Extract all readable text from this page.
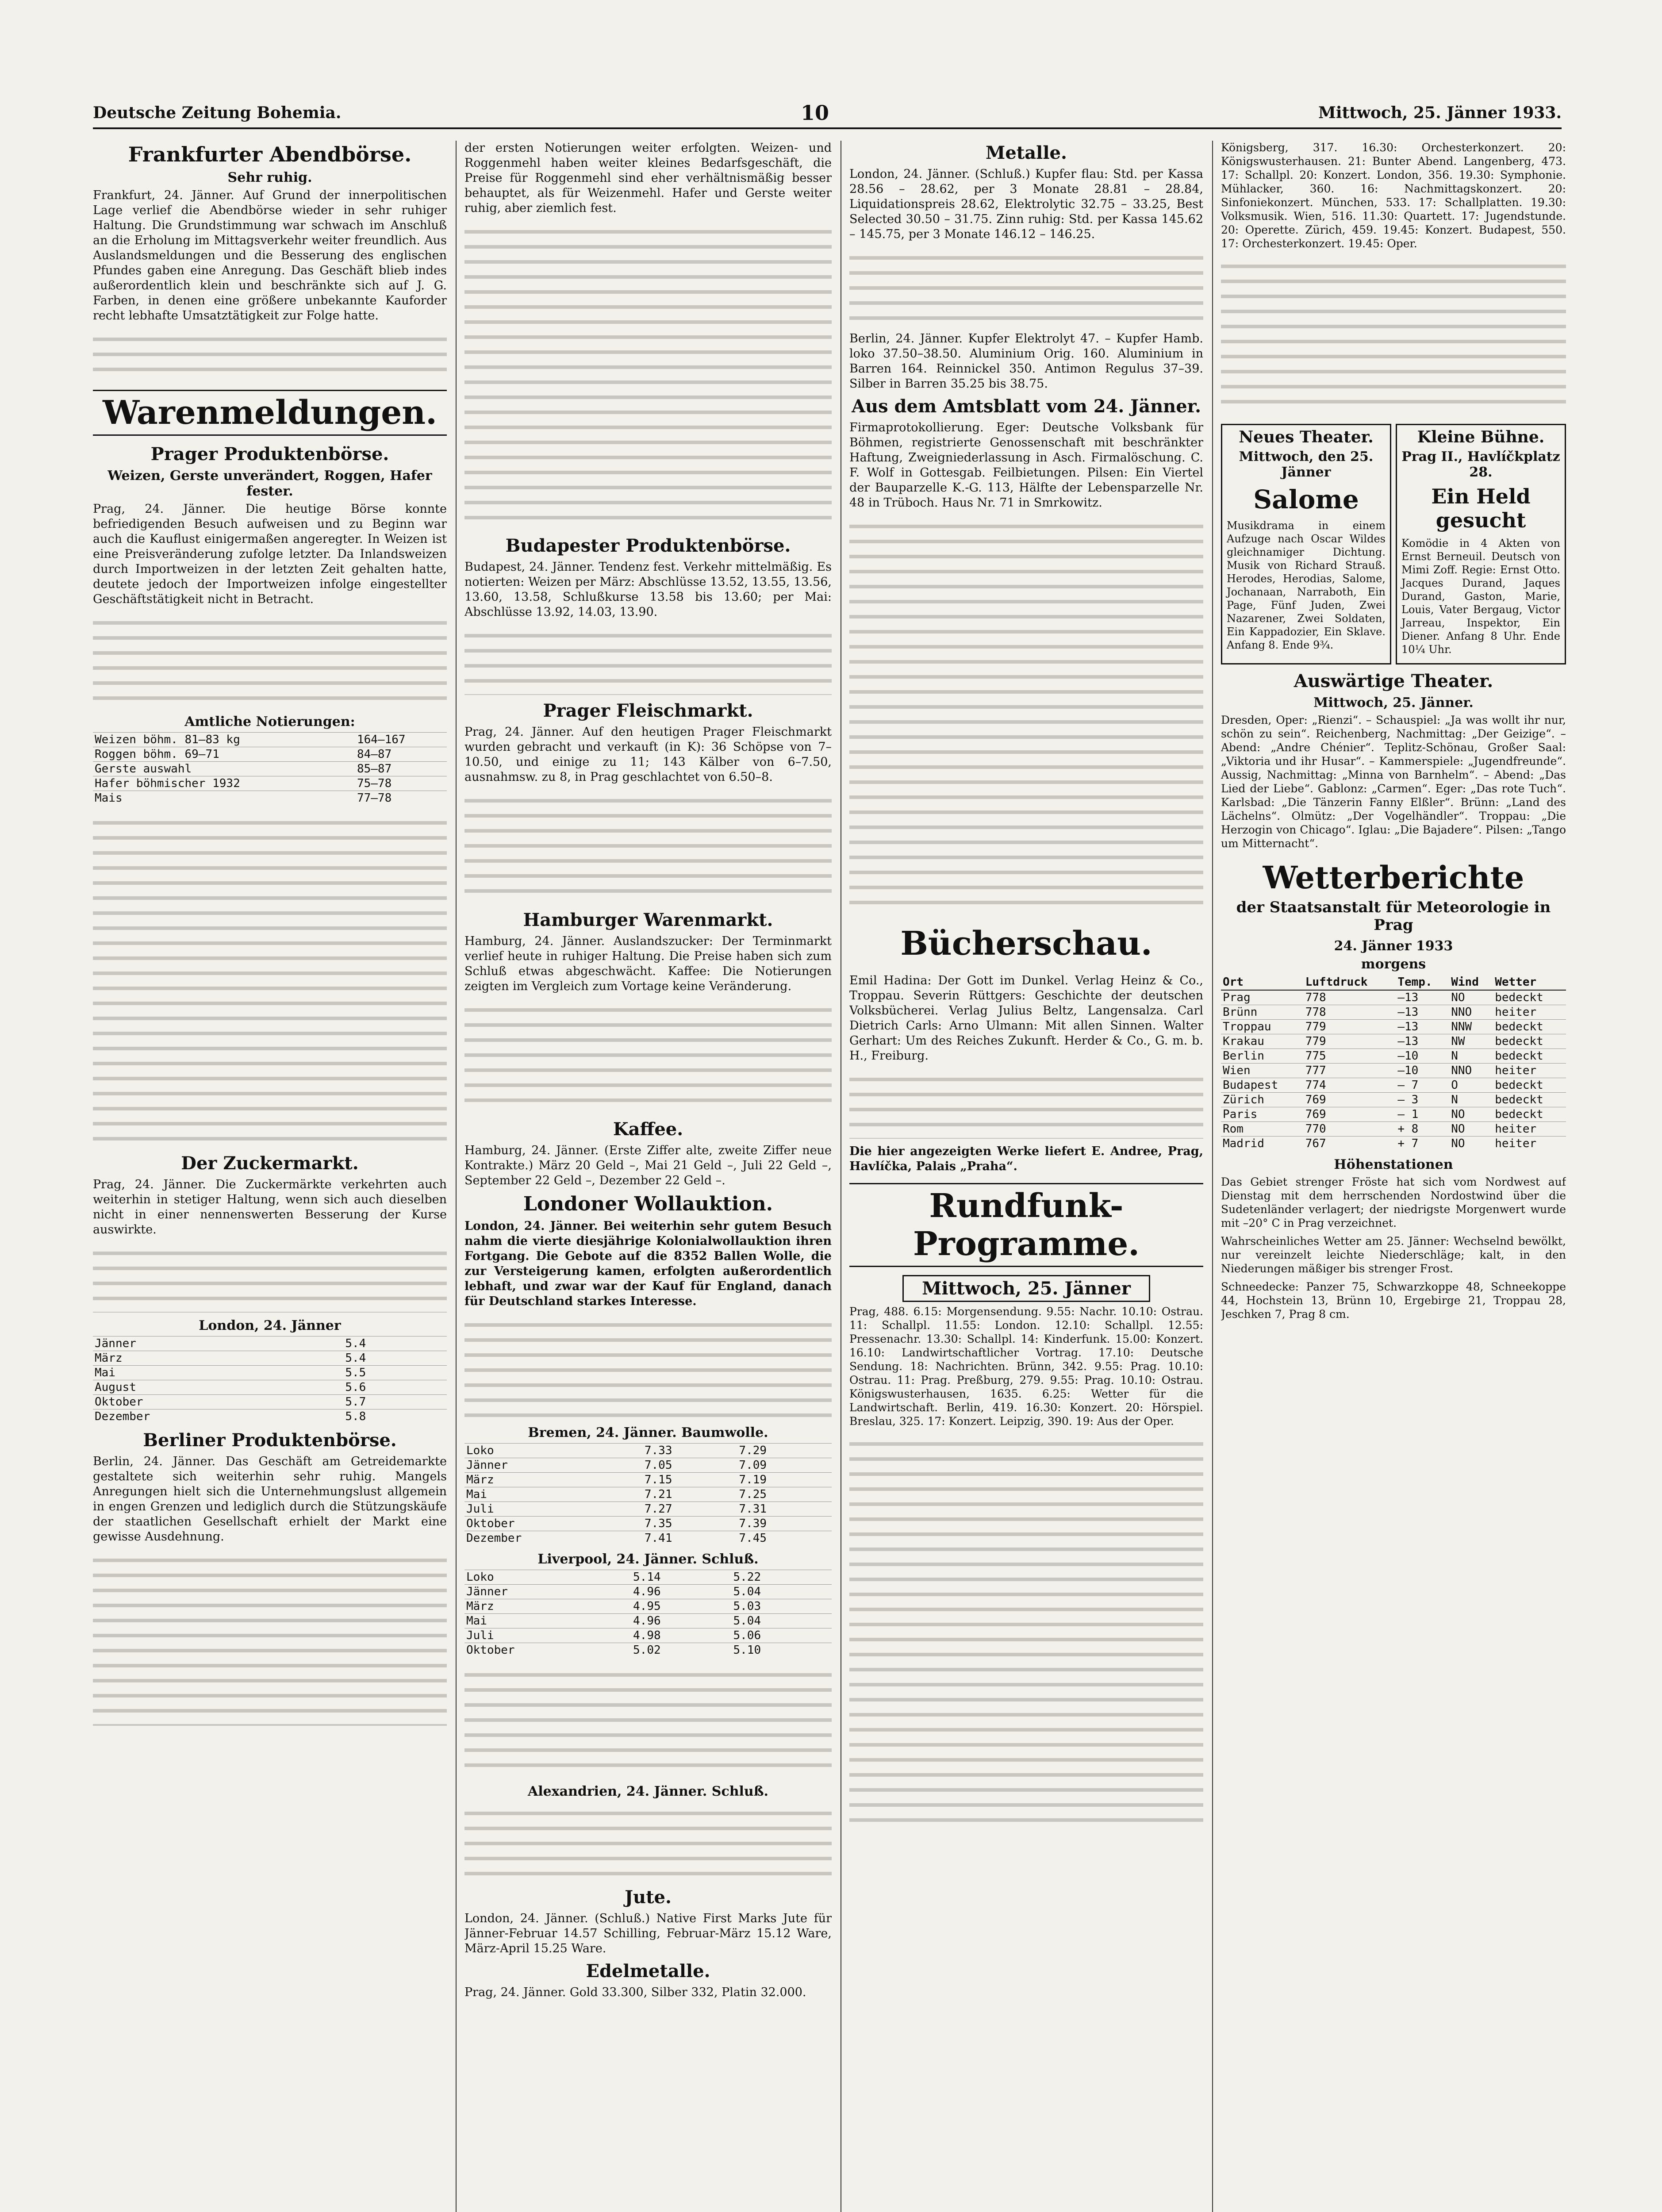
Deutsche Zeitung Bohemia.	10	Mittwoch, 25. Jänner 1933.
Frankfurter Abendbörse.
Sehr ruhig.

Frankfurt, 24. Jänner. Auf Grund der innerpolitischen Lage verlief die Abendbörse wieder in sehr ruhiger Haltung. Die Grundstimmung war schwach im Anschluß an die Erholung im Mittagsverkehr weiter freundlich. Aus Auslandsmeldungen und die Besserung des englischen Pfundes gaben eine Anregung. Das Geschäft blieb indes außerordentlich klein und beschränkte sich auf J. G. Farben, in denen eine größere unbekannte Kauforder recht lebhafte Umsatztätigkeit zur Folge hatte.

Warenmeldungen.
Prager Produktenbörse.
Weizen, Gerste unverändert, Roggen, Hafer fester.

Prag, 24. Jänner. Die heutige Börse konnte befriedigenden Besuch aufweisen und zu Beginn war auch die Kauflust einigermaßen angeregter. In Weizen ist eine Preisveränderung zufolge letzter. Da Inlandsweizen durch Importweizen in der letzten Zeit gehalten hatte, deutete jedoch der Importweizen infolge eingestellter Geschäftstätigkeit nicht in Betracht.

Amtliche Notierungen:
Weizen böhm. 81–83 kg	164–167
Roggen böhm. 69–71	84–87
Gerste auswahl	85–87
Hafer böhmischer 1932	75–78
Mais	77–78
Der Zuckermarkt.

Prag, 24. Jänner. Die Zuckermärkte verkehrten auch weiterhin in stetiger Haltung, wenn sich auch dieselben nicht in einer nennenswerten Besserung der Kurse auswirkte.

London, 24. Jänner
Jänner	5.4
März	5.4
Mai	5.5
August	5.6
Oktober	5.7
Dezember	5.8
Berliner Produktenbörse.

Berlin, 24. Jänner. Das Geschäft am Getreidemarkte gestaltete sich weiterhin sehr ruhig. Mangels Anregungen hielt sich die Unternehmungslust allgemein in engen Grenzen und lediglich durch die Stützungskäufe der staatlichen Gesellschaft erhielt der Markt eine gewisse Ausdehnung.

der ersten Notierungen weiter erfolgten. Weizen- und Roggenmehl haben weiter kleines Bedarfsgeschäft, die Preise für Roggenmehl sind eher verhältnismäßig besser behauptet, als für Weizenmehl. Hafer und Gerste weiter ruhig, aber ziemlich fest.

Budapester Produktenbörse.

Budapest, 24. Jänner. Tendenz fest. Verkehr mittelmäßig. Es notierten: Weizen per März: Abschlüsse 13.52, 13.55, 13.56, 13.60, 13.58, Schlußkurse 13.58 bis 13.60; per Mai: Abschlüsse 13.92, 14.03, 13.90.

Prager Fleischmarkt.

Prag, 24. Jänner. Auf den heutigen Prager Fleischmarkt wurden gebracht und verkauft (in K): 36 Schöpse von 7–10.50, und einige zu 11; 143 Kälber von 6–7.50, ausnahmsw. zu 8, in Prag geschlachtet von 6.50–8.

Hamburger Warenmarkt.

Hamburg, 24. Jänner. Auslandszucker: Der Terminmarkt verlief heute in ruhiger Haltung. Die Preise haben sich zum Schluß etwas abgeschwächt. Kaffee: Die Notierungen zeigten im Vergleich zum Vortage keine Veränderung.

Kaffee.

Hamburg, 24. Jänner. (Erste Ziffer alte, zweite Ziffer neue Kontrakte.) März 20 Geld –, Mai 21 Geld –, Juli 22 Geld –, September 22 Geld –, Dezember 22 Geld –.

Londoner Wollauktion.

London, 24. Jänner. Bei weiterhin sehr gutem Besuch nahm die vierte diesjährige Kolonialwollauktion ihren Fortgang. Die Gebote auf die 8352 Ballen Wolle, die zur Versteigerung kamen, erfolgten außerordentlich lebhaft, und zwar war der Kauf für England, danach für Deutschland starkes Interesse.

Bremen, 24. Jänner. Baumwolle.
Loko	7.33	7.29
Jänner	7.05	7.09
März	7.15	7.19
Mai	7.21	7.25
Juli	7.27	7.31
Oktober	7.35	7.39
Dezember	7.41	7.45
Liverpool, 24. Jänner. Schluß.
Loko	5.14	5.22
Jänner	4.96	5.04
März	4.95	5.03
Mai	4.96	5.04
Juli	4.98	5.06
Oktober	5.02	5.10
Alexandrien, 24. Jänner. Schluß.
Jute.

London, 24. Jänner. (Schluß.) Native First Marks Jute für Jänner-Februar 14.57 Schilling, Februar-März 15.12 Ware, März-April 15.25 Ware.

Edelmetalle.

Prag, 24. Jänner. Gold 33.300, Silber 332, Platin 32.000.

Metalle.

London, 24. Jänner. (Schluß.) Kupfer flau: Std. per Kassa 28.56 – 28.62, per 3 Monate 28.81 – 28.84, Liquidationspreis 28.62, Elektrolytic 32.75 – 33.25, Best Selected 30.50 – 31.75. Zinn ruhig: Std. per Kassa 145.62 – 145.75, per 3 Monate 146.12 – 146.25.

Berlin, 24. Jänner. Kupfer Elektrolyt 47. – Kupfer Hamb. loko 37.50–38.50. Aluminium Orig. 160. Aluminium in Barren 164. Reinnickel 350. Antimon Regulus 37–39. Silber in Barren 35.25 bis 38.75.

Aus dem Amtsblatt vom 24. Jänner.

Firmaprotokollierung. Eger: Deutsche Volksbank für Böhmen, registrierte Genossenschaft mit beschränkter Haftung, Zweigniederlassung in Asch. Firmalöschung. C. F. Wolf in Gottesgab. Feilbietungen. Pilsen: Ein Viertel der Bauparzelle K.-G. 113, Hälfte der Lebensparzelle Nr. 48 in Trüboch. Haus Nr. 71 in Smrkowitz.

Bücherschau.

Emil Hadina: Der Gott im Dunkel. Verlag Heinz & Co., Troppau. Severin Rüttgers: Geschichte der deutschen Volksbücherei. Verlag Julius Beltz, Langensalza. Carl Dietrich Carls: Arno Ulmann: Mit allen Sinnen. Walter Gerhart: Um des Reiches Zukunft. Herder & Co., G. m. b. H., Freiburg.

Die hier angezeigten Werke liefert E. Andree, Prag, Havlíčka, Palais „Praha“.

Rundfunk-Programme.
Mittwoch, 25. Jänner

Prag, 488. 6.15: Morgensendung. 9.55: Nachr. 10.10: Ostrau. 11: Schallpl. 11.55: London. 12.10: Schallpl. 12.55: Pressenachr. 13.30: Schallpl. 14: Kinderfunk. 15.00: Konzert. 16.10: Landwirtschaftlicher Vortrag. 17.10: Deutsche Sendung. 18: Nachrichten. Brünn, 342. 9.55: Prag. 10.10: Ostrau. 11: Prag. Preßburg, 279. 9.55: Prag. 10.10: Ostrau. Königswusterhausen, 1635. 6.25: Wetter für die Landwirtschaft. Berlin, 419. 16.30: Konzert. 20: Hörspiel. Breslau, 325. 17: Konzert. Leipzig, 390. 19: Aus der Oper.

Königsberg, 317. 16.30: Orchesterkonzert. 20: Königswusterhausen. 21: Bunter Abend. Langenberg, 473. 17: Schallpl. 20: Konzert. London, 356. 19.30: Symphonie. Mühlacker, 360. 16: Nachmittagskonzert. 20: Sinfoniekonzert. München, 533. 17: Schallplatten. 19.30: Volksmusik. Wien, 516. 11.30: Quartett. 17: Jugendstunde. 20: Operette. Zürich, 459. 19.45: Konzert. Budapest, 550. 17: Orchesterkonzert. 19.45: Oper.

Neues Theater.
Mittwoch, den 25. Jänner
Salome

Musikdrama in einem Aufzuge nach Oscar Wildes gleichnamiger Dichtung. Musik von Richard Strauß. Herodes, Herodias, Salome, Jochanaan, Narraboth, Ein Page, Fünf Juden, Zwei Nazarener, Zwei Soldaten, Ein Kappadozier, Ein Sklave. Anfang 8. Ende 9¾.

Kleine Bühne.
Prag II., Havlíčkplatz 28.
Ein Held gesucht

Komödie in 4 Akten von Ernst Berneuil. Deutsch von Mimi Zoff. Regie: Ernst Otto. Jacques Durand, Jaques Durand, Gaston, Marie, Louis, Vater Bergaug, Victor Jarreau, Inspektor, Ein Diener. Anfang 8 Uhr. Ende 10¼ Uhr.

Auswärtige Theater.
Mittwoch, 25. Jänner.

Dresden, Oper: „Rienzi“. – Schauspiel: „Ja was wollt ihr nur, schön zu sein“. Reichenberg, Nachmittag: „Der Geizige“. – Abend: „Andre Chénier“. Teplitz-Schönau, Großer Saal: „Viktoria und ihr Husar“. – Kammerspiele: „Jugendfreunde“. Aussig, Nachmittag: „Minna von Barnhelm“. – Abend: „Das Lied der Liebe“. Gablonz: „Carmen“. Eger: „Das rote Tuch“. Karlsbad: „Die Tänzerin Fanny Elßler“. Brünn: „Land des Lächelns“. Olmütz: „Der Vogelhändler“. Troppau: „Die Herzogin von Chicago“. Iglau: „Die Bajadere“. Pilsen: „Tango um Mitternacht“.

Wetterberichte
der Staatsanstalt für Meteorologie in Prag
24. Jänner 1933
morgens
Ort	Luftdruck	Temp.	Wind	Wetter
Prag	778	–13	NO	bedeckt
Brünn	778	–13	NNO	heiter
Troppau	779	–13	NNW	bedeckt
Krakau	779	–13	NW	bedeckt
Berlin	775	–10	N	bedeckt
Wien	777	–10	NNO	heiter
Budapest	774	– 7	O	bedeckt
Zürich	769	– 3	N	bedeckt
Paris	769	– 1	NO	bedeckt
Rom	770	+ 8	NO	heiter
Madrid	767	+ 7	NO	heiter
Höhenstationen

Das Gebiet strenger Fröste hat sich vom Nordwest auf Dienstag mit dem herrschenden Nordostwind über die Sudetenländer verlagert; der niedrigste Morgenwert wurde mit –20° C in Prag verzeichnet.

Wahrscheinliches Wetter am 25. Jänner: Wechselnd bewölkt, nur vereinzelt leichte Niederschläge; kalt, in den Niederungen mäßiger bis strenger Frost.

Schneedecke: Panzer 75, Schwarzkoppe 48, Schneekoppe 44, Hochstein 13, Brünn 10, Ergebirge 21, Troppau 28, Jeschken 7, Prag 8 cm.
